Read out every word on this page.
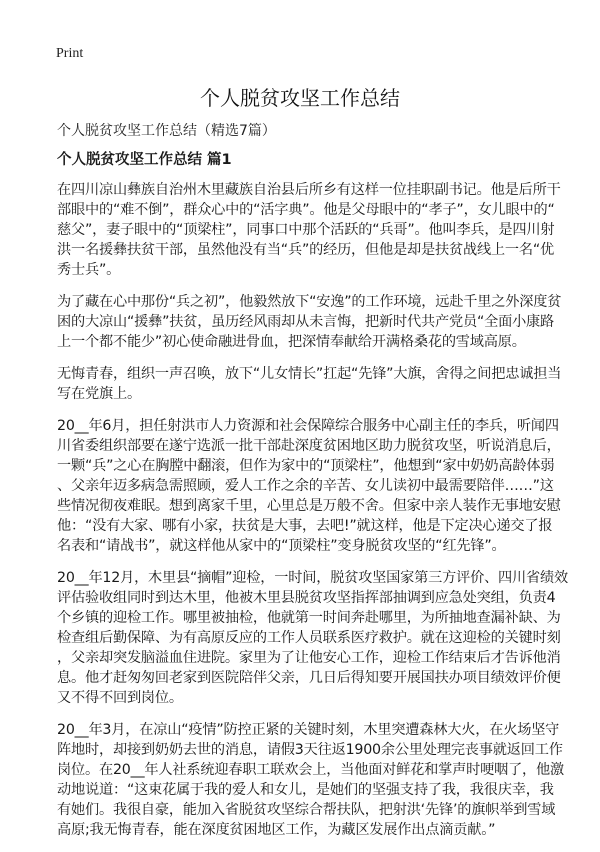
Print
个人脱贫攻坚工作总结
个人脱贫攻坚工作总结（精选7篇）
个人脱贫攻坚工作总结 篇1
在四川凉山彝族自治州木里藏族自治县后所乡有这样一位挂职副书记。他是后所干
部眼中的“难不倒”，群众心中的“活字典”。他是父母眼中的“孝子”，女儿眼中的“
慈父”，妻子眼中的“顶梁柱”，同事口中那个活跃的“兵哥”。他叫李兵，是四川射
洪一名援彝扶贫干部，虽然他没有当“兵”的经历，但他是却是扶贫战线上一名“优
秀士兵”。
为了藏在心中那份“兵之初”，他毅然放下“安逸”的工作环境，远赴千里之外深度贫
困的大凉山“援彝”扶贫，虽历经风雨却从未言悔，把新时代共产党员“全面小康路
上一个都不能少”初心使命融进骨血，把深情奉献给开满格桑花的雪域高原。
无悔青春，组织一声召唤，放下“儿女情长”扛起“先锋”大旗，舍得之间把忠诚担当
写在党旗上。
20__年6月，担任射洪市人力资源和社会保障综合服务中心副主任的李兵，听闻四
川省委组织部要在遂宁选派一批干部赴深度贫困地区助力脱贫攻坚，听说消息后，
一颗“兵”之心在胸膛中翻滚，但作为家中的“顶梁柱”，他想到“家中奶奶高龄体弱
、父亲年迈多病急需照顾，爱人工作之余的辛苦、女儿读初中最需要陪伴……”这
些情况彻夜难眠。想到离家千里，心里总是万般不舍。但家中亲人装作无事地安慰
他：“没有大家、哪有小家，扶贫是大事，去吧!”就这样，他是下定决心递交了报
名表和“请战书”，就这样他从家中的“顶梁柱”变身脱贫攻坚的“红先锋”。
20__年12月，木里县“摘帽”迎检，一时间，脱贫攻坚国家第三方评价、四川省绩效
评估验收组同时到达木里，他被木里县脱贫攻坚指挥部抽调到应急处突组，负责4
个乡镇的迎检工作。哪里被抽检，他就第一时间奔赴哪里，为所抽地查漏补缺、为
检查组后勤保障、为有高原反应的工作人员联系医疗救护。就在这迎检的关键时刻
，父亲却突发脑溢血住进院。家里为了让他安心工作，迎检工作结束后才告诉他消
息。他才赶匆匆回老家到医院陪伴父亲，几日后得知要开展国扶办项目绩效评价便
又不得不回到岗位。
20__年3月，在凉山“疫情”防控正紧的关键时刻，木里突遭森林大火，在火场坚守
阵地时，却接到奶奶去世的消息，请假3天往返1900余公里处理完丧事就返回工作
岗位。在20__年人社系统迎春职工联欢会上，当他面对鲜花和掌声时哽咽了，他激
动地说道：“这束花属于我的爱人和女儿，是她们的坚强支持了我，我很庆幸，我
有她们。我很自豪，能加入省脱贫攻坚综合帮扶队，把射洪‘先锋’的旗帜举到雪域
高原;我无悔青春，能在深度贫困地区工作，为藏区发展作出点滴贡献。”
